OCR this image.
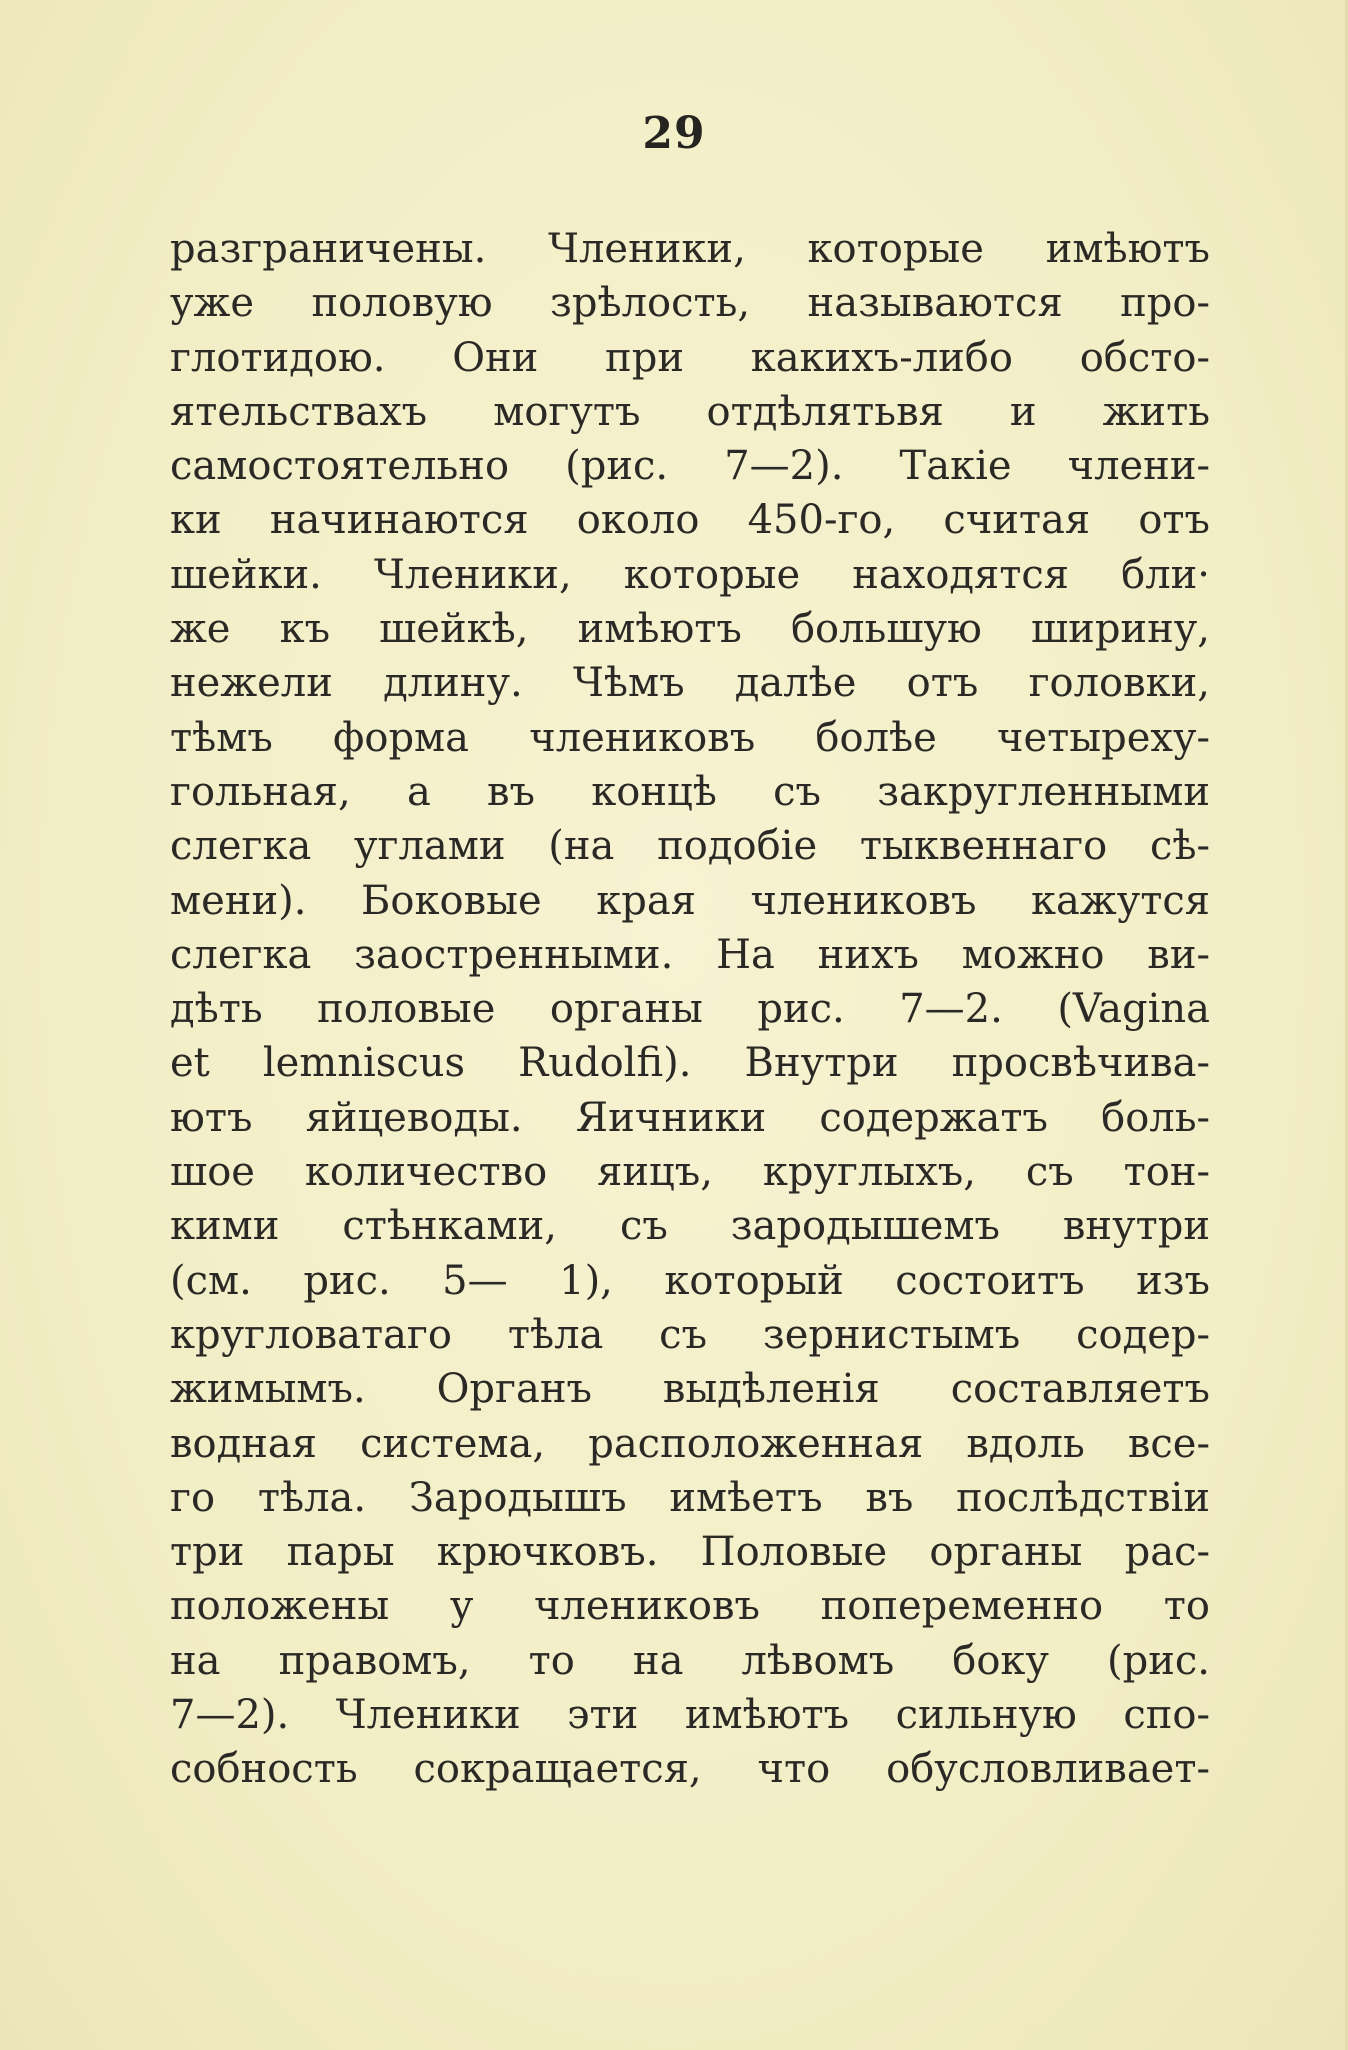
29
разграничены. Членики, которые имѣютъ
уже половую зрѣлость, называются про-
глотидою. Они при какихъ-либо обсто-
ятельствахъ могутъ отдѣлятьвя и жить
самостоятельно (рис. 7—2). Такіе члени-
ки начинаются около 450-го, считая отъ
шейки. Членики, которые находятся бли·
же къ шейкѣ, имѣютъ большую ширину,
нежели длину. Чѣмъ далѣе отъ головки,
тѣмъ форма члениковъ болѣе четыреху-
гольная, а въ концѣ съ закругленными
слегка углами (на подобіе тыквеннаго сѣ-
мени). Боковые края члениковъ кажутся
слегка заостренными. На нихъ можно ви-
дѣть половые органы рис. 7—2. (Vagina
et lemniscus Rudolfi). Внутри просвѣчива-
ютъ яйцеводы. Яичники содержатъ боль-
шое количество яицъ, круглыхъ, съ тон-
кими стѣнками, съ зародышемъ внутри
(см. рис. 5— 1), который состоитъ изъ
кругловатаго тѣла съ зернистымъ содер-
жимымъ. Органъ выдѣленія составляетъ
водная система, расположенная вдоль все-
го тѣла. Зародышъ имѣетъ въ послѣдствіи
три пары крючковъ. Половые органы рас-
положены у члениковъ попеременно то
на правомъ, то на лѣвомъ боку (рис.
7—2). Членики эти имѣютъ сильную спо-
собность сокращается, что обусловливает-
